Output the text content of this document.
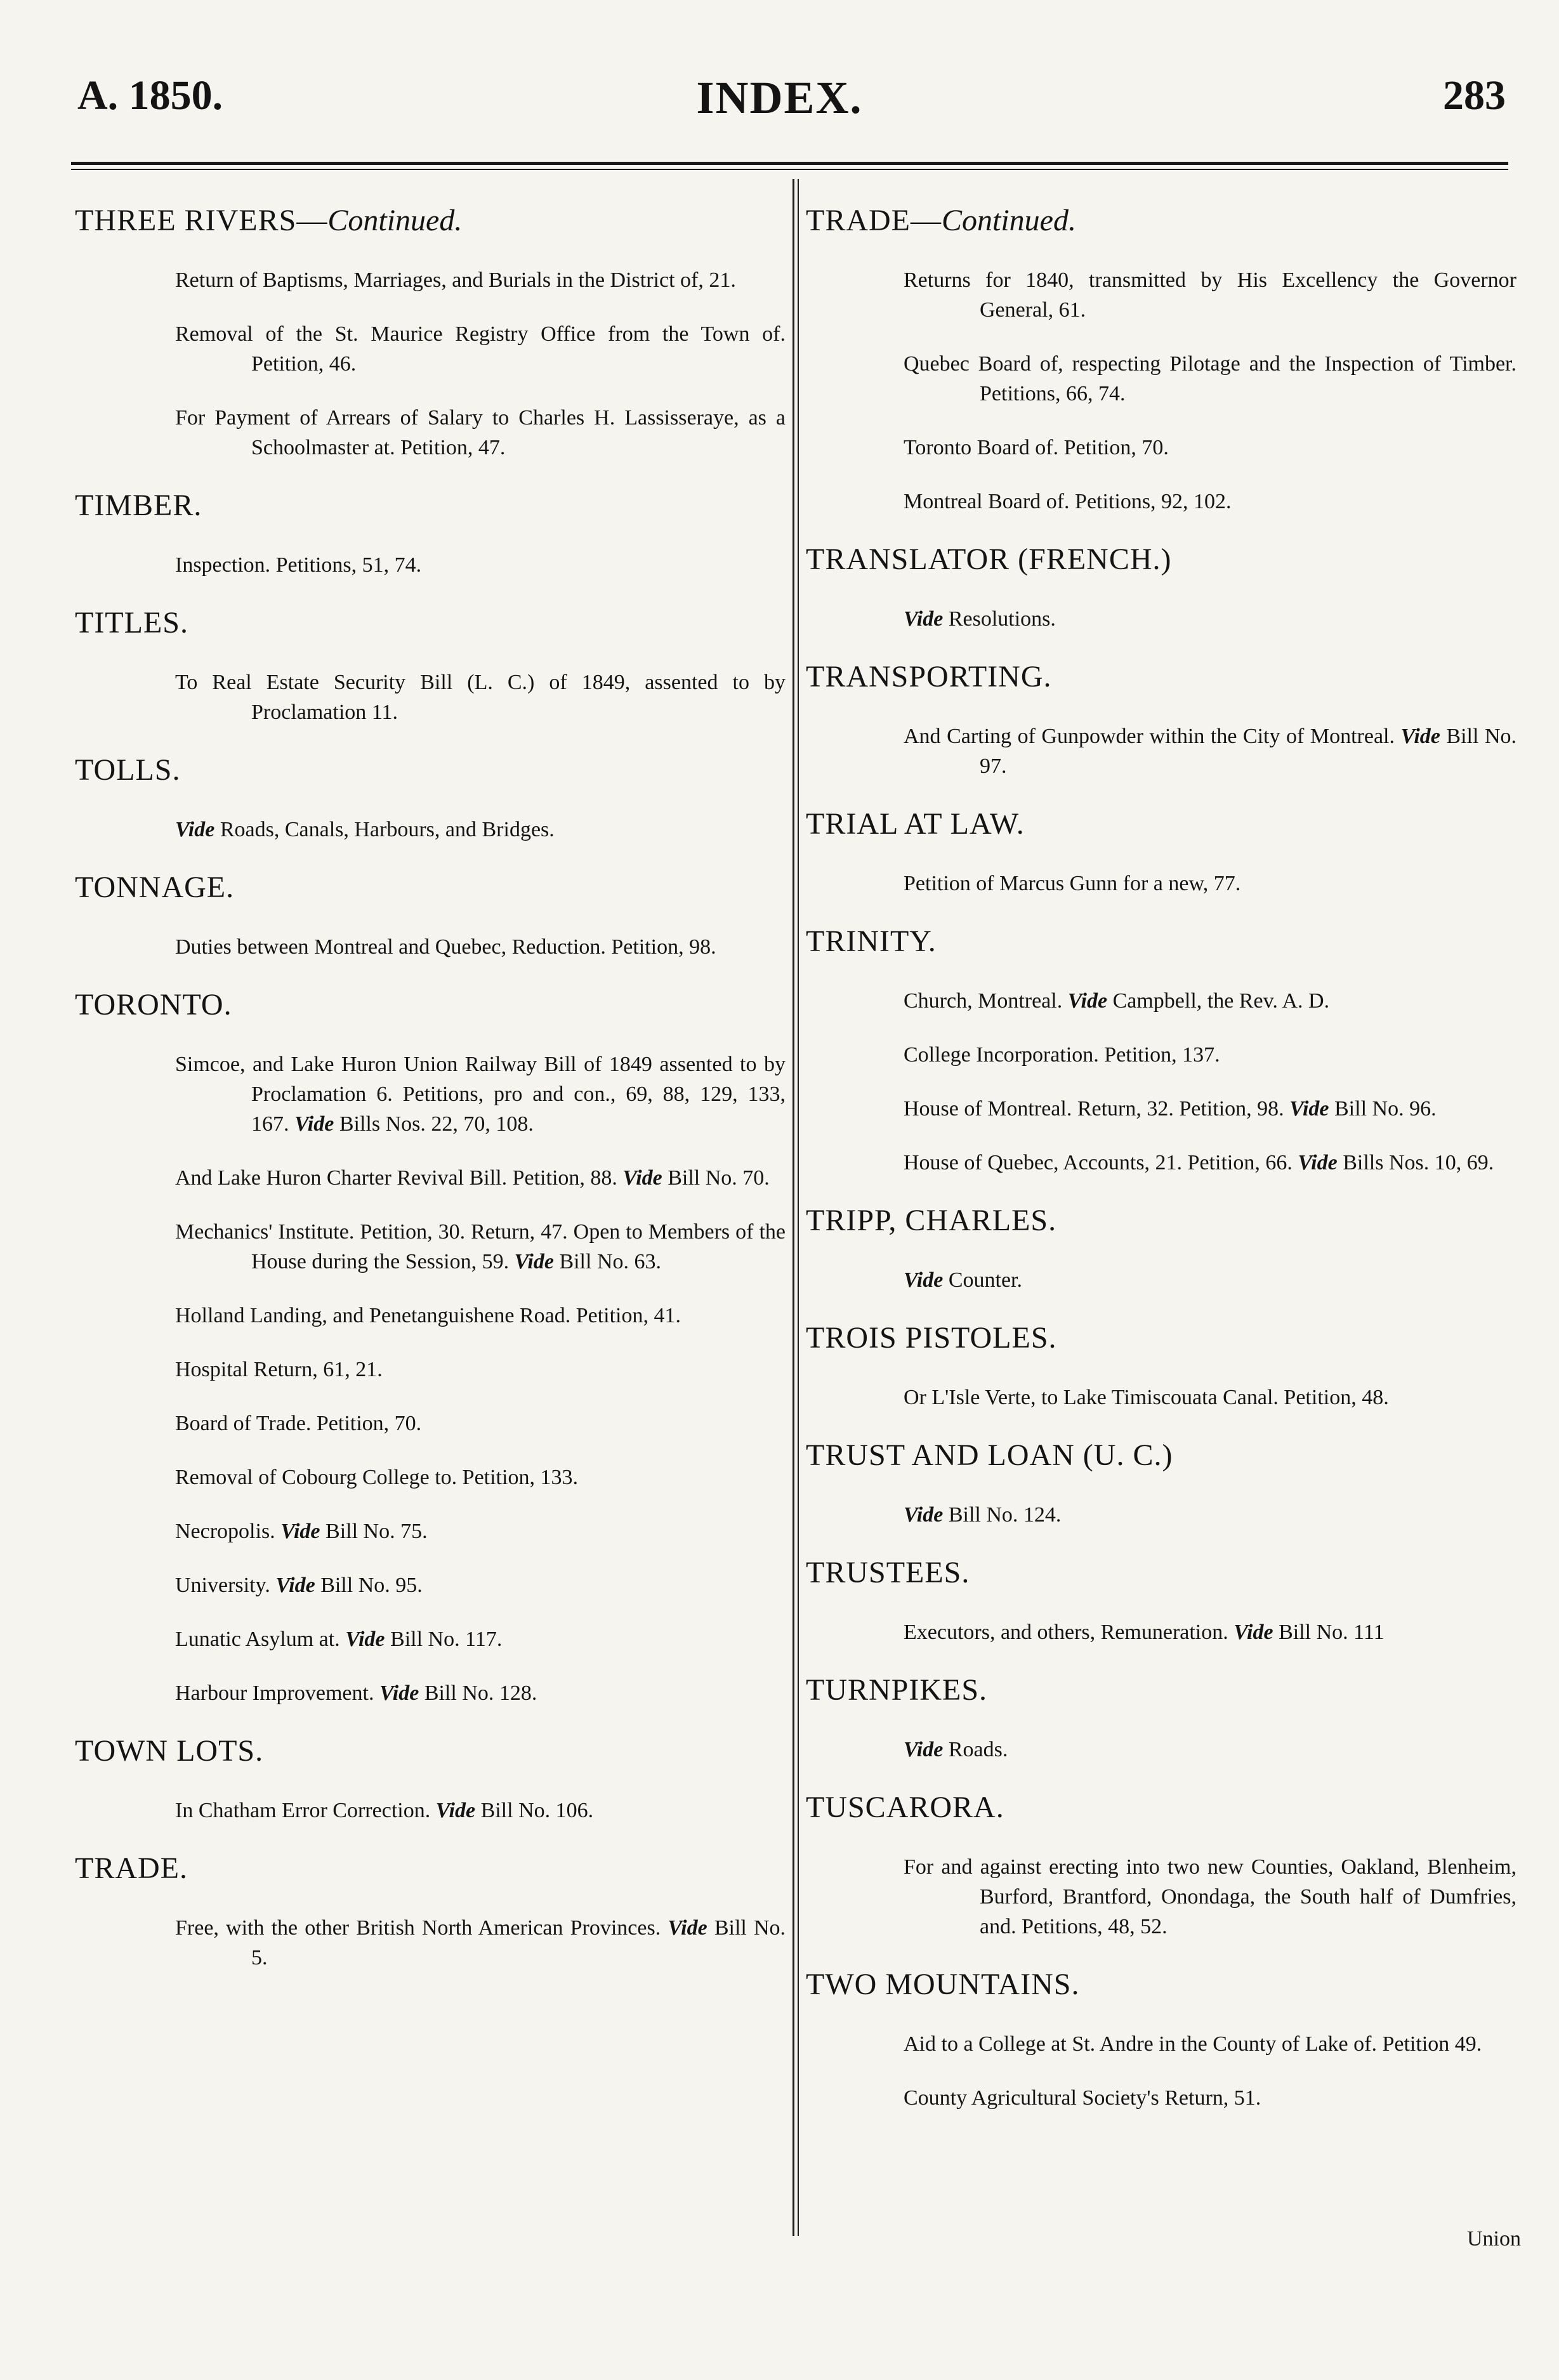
A. 1850.	INDEX.	283
THREE RIVERS—Continued.
Return of Baptisms, Marriages, and Burials in the District of, 21.
Removal of the St. Maurice Registry Office from the Town of. Petition, 46.
For Payment of Arrears of Salary to Charles H. Lassisseraye, as a Schoolmaster at. Petition, 47.
TIMBER.
Inspection. Petitions, 51, 74.
TITLES.
To Real Estate Security Bill (L. C.) of 1849, assented to by Proclamation 11.
TOLLS.
Vide Roads, Canals, Harbours, and Bridges.
TONNAGE.
Duties between Montreal and Quebec, Reduction. Petition, 98.
TORONTO.
Simcoe, and Lake Huron Union Railway Bill of 1849 assented to by Proclamation 6. Petitions, pro and con., 69, 88, 129, 133, 167. Vide Bills Nos. 22, 70, 108.
And Lake Huron Charter Revival Bill. Petition, 88. Vide Bill No. 70.
Mechanics' Institute. Petition, 30. Return, 47. Open to Members of the House during the Session, 59. Vide Bill No. 63.
Holland Landing, and Penetanguishene Road. Petition, 41.
Hospital Return, 61, 21.
Board of Trade. Petition, 70.
Removal of Cobourg College to. Petition, 133.
Necropolis. Vide Bill No. 75.
University. Vide Bill No. 95.
Lunatic Asylum at. Vide Bill No. 117.
Harbour Improvement. Vide Bill No. 128.
TOWN LOTS.
In Chatham Error Correction. Vide Bill No. 106.
TRADE.
Free, with the other British North American Provinces. Vide Bill No. 5.
TRADE—Continued.
Returns for 1840, transmitted by His Excellency the Governor General, 61.
Quebec Board of, respecting Pilotage and the Inspection of Timber. Petitions, 66, 74.
Toronto Board of. Petition, 70.
Montreal Board of. Petitions, 92, 102.
TRANSLATOR (FRENCH.)
Vide Resolutions.
TRANSPORTING.
And Carting of Gunpowder within the City of Montreal. Vide Bill No. 97.
TRIAL AT LAW.
Petition of Marcus Gunn for a new, 77.
TRINITY.
Church, Montreal. Vide Campbell, the Rev. A. D.
College Incorporation. Petition, 137.
House of Montreal. Return, 32. Petition, 98. Vide Bill No. 96.
House of Quebec, Accounts, 21. Petition, 66. Vide Bills Nos. 10, 69.
TRIPP, CHARLES.
Vide Counter.
TROIS PISTOLES.
Or L'Isle Verte, to Lake Timiscouata Canal. Petition, 48.
TRUST AND LOAN (U. C.)
Vide Bill No. 124.
TRUSTEES.
Executors, and others, Remuneration. Vide Bill No. 111
TURNPIKES.
Vide Roads.
TUSCARORA.
For and against erecting into two new Counties, Oakland, Blenheim, Burford, Brantford, Onondaga, the South half of Dumfries, and. Petitions, 48, 52.
TWO MOUNTAINS.
Aid to a College at St. Andre in the County of Lake of. Petition 49.
County Agricultural Society's Return, 51.
Union
